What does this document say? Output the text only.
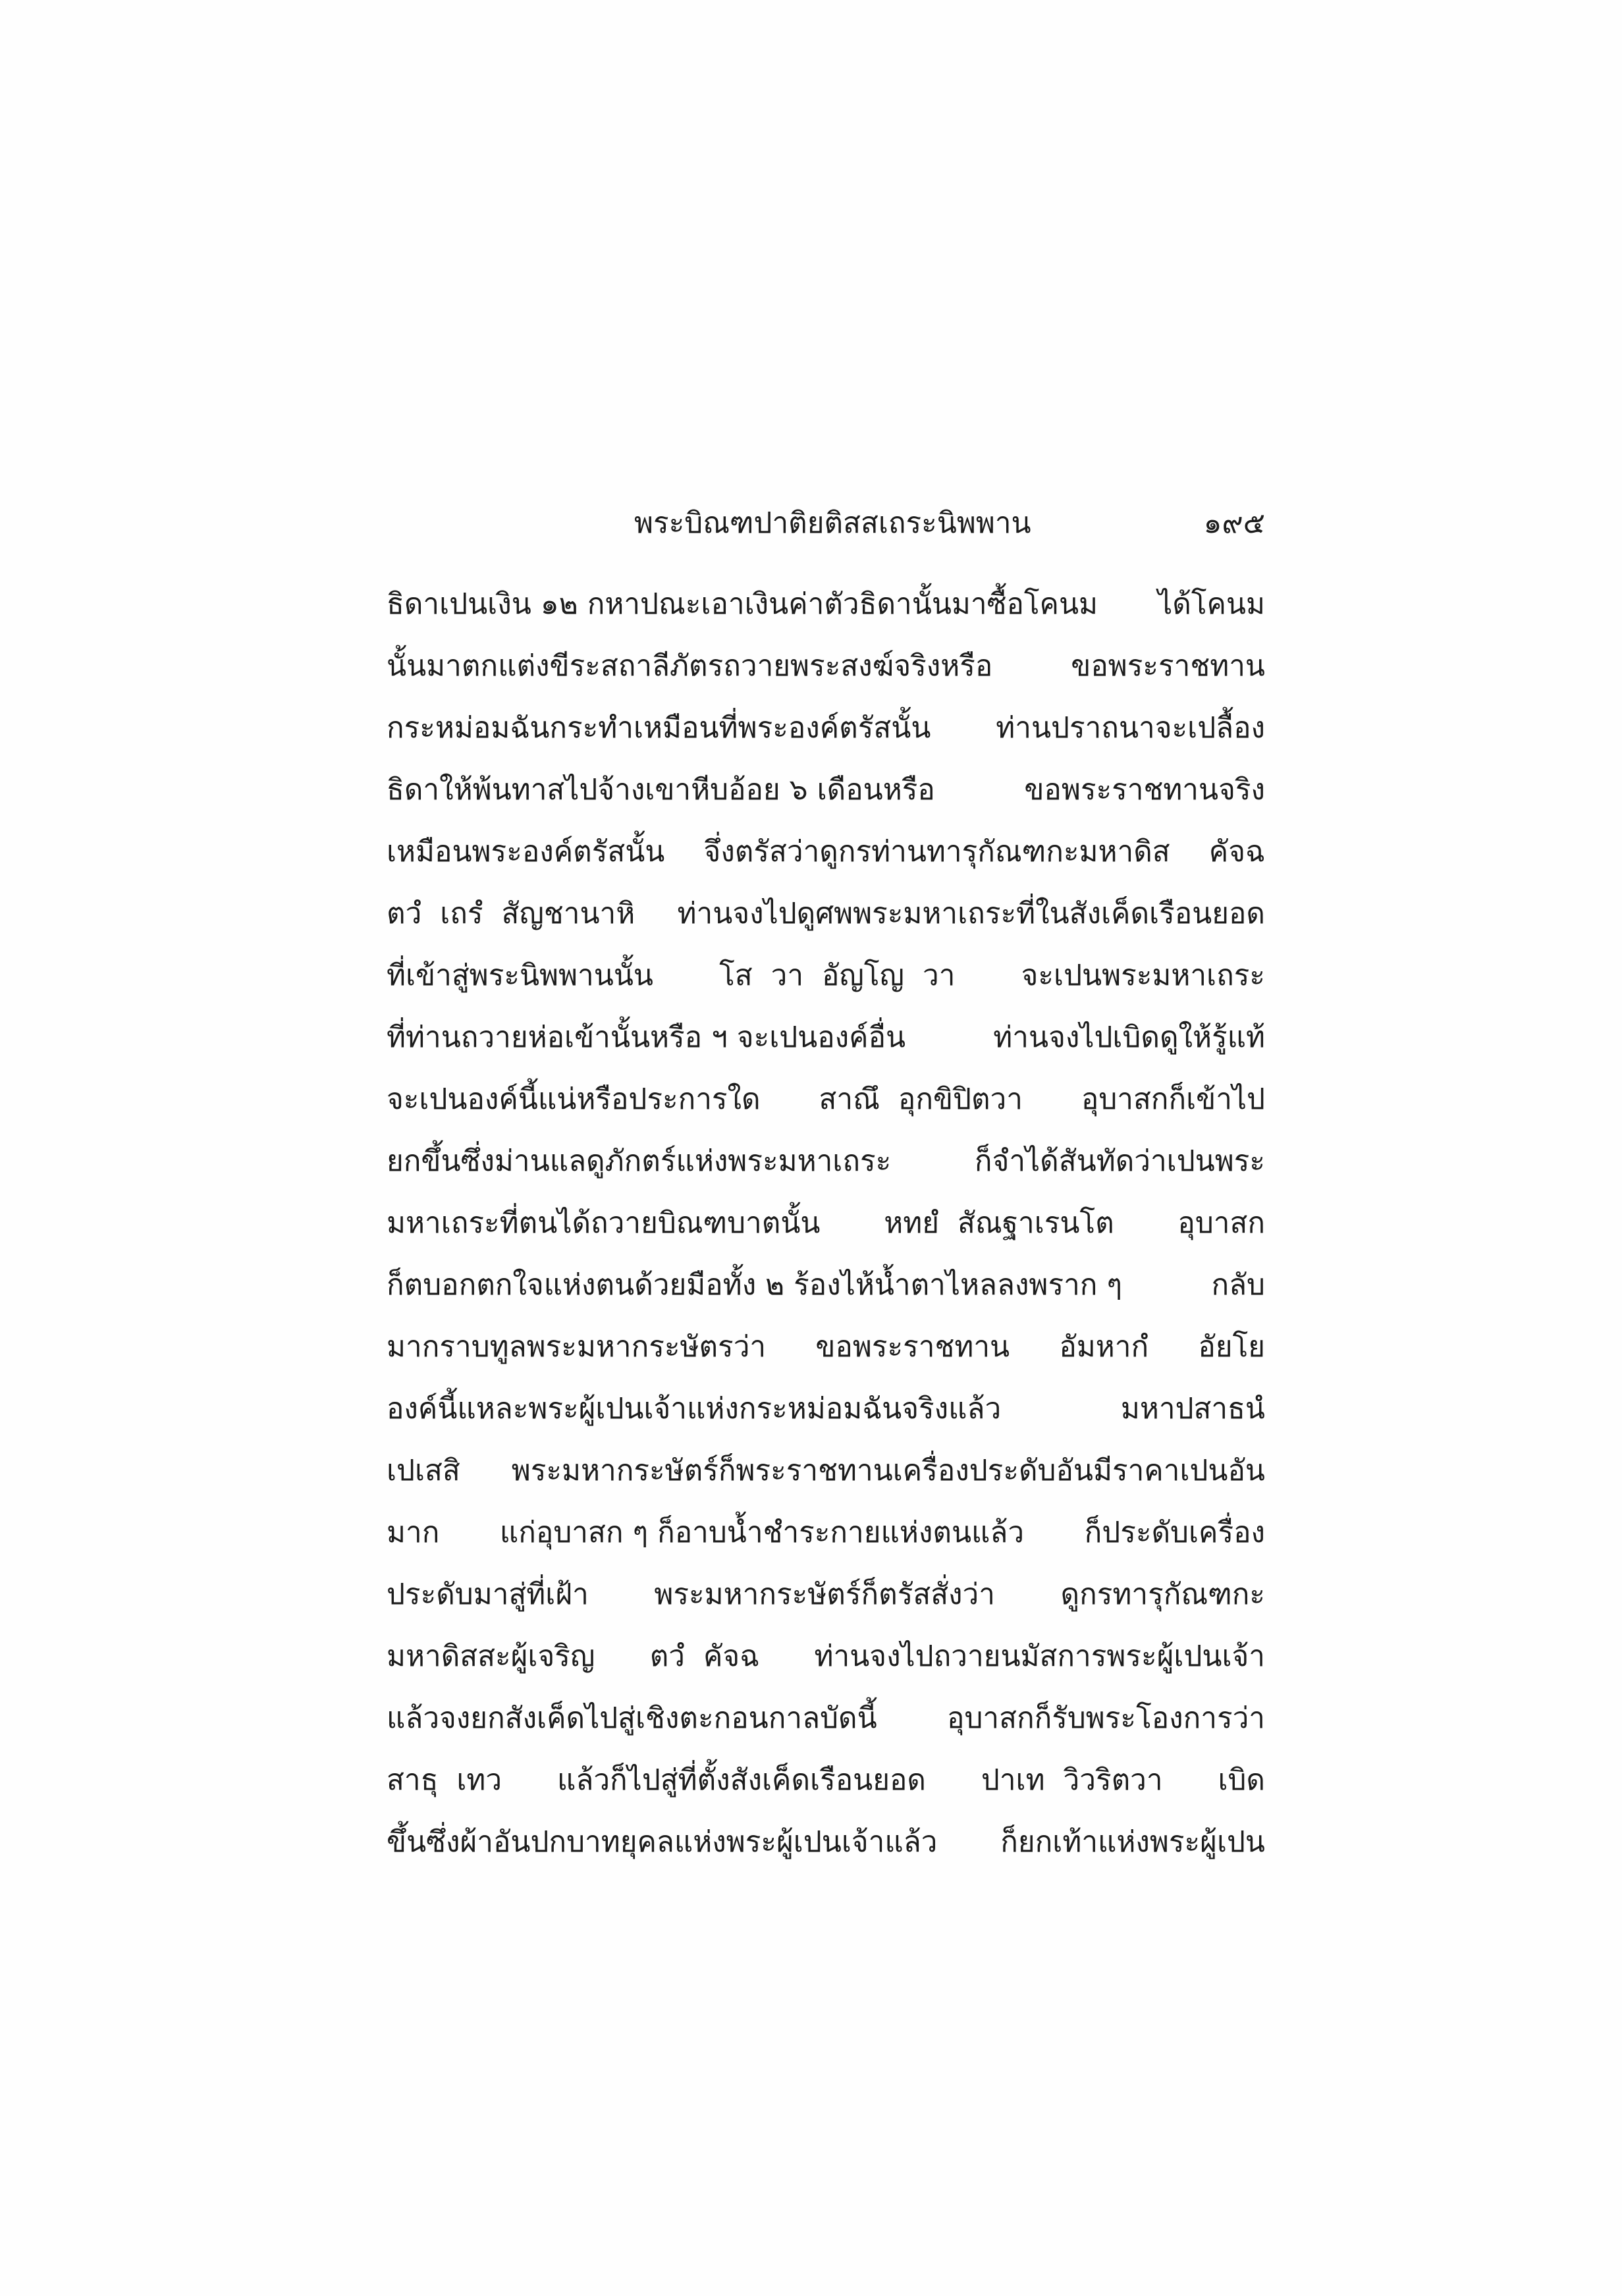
พระบิณฑปาติยติสสเถระนิพพาน	๑๙๕
ธิดาเปนเงิน ๑๒ กหาปณะเอาเงินค่าตัวธิดานั้นมาซื้อโคนม ได้โคนม
นั้นมาตกแต่งขีระสถาลีภัตรถวายพระสงฆ์จริงหรือ	ขอพระราชทาน
กระหม่อมฉันกระทำเหมือนที่พระองค์ตรัสนั้น ท่านปราถนาจะเปลื้อง
ธิดาให้พ้นทาสไปจ้างเขาหีบอ้อย ๖ เดือนหรือ	ขอพระราชทานจริง
เหมือนพระองค์ตรัสนั้น จึ่งตรัสว่าดูกรท่านทารุกัณฑกะมหาดิส คัจฉ
ตวํ  เถรํ  สัญชานาหิ ท่านจงไปดูศพพระมหาเถระที่ในสังเค็ดเรือนยอด
ที่เข้าสู่พระนิพพานนั้น โส  วา  อัญโญ  วา จะเปนพระมหาเถระ
ที่ท่านถวายห่อเข้านั้นหรือ ฯ จะเปนองค์อื่น	ท่านจงไปเบิดดูให้รู้แท้
จะเปนองค์นี้แน่หรือประการใด สาณึ  อุกขิปิตวา อุบาสกก็เข้าไป
ยกขึ้นซึ่งม่านแลดูภักตร์แห่งพระมหาเถระ	ก็จำได้สันทัดว่าเปนพระ
มหาเถระที่ตนได้ถวายบิณฑบาตนั้น หทยํ  สัณฐาเรนโต อุบาสก
ก็ตบอกตกใจแห่งตนด้วยมือทั้ง ๒ ร้องไห้น้ำตาไหลลงพราก ๆ	กลับ
มากราบทูลพระมหากระษัตรว่า ขอพระราชทาน อัมหากํ อัยโย
องค์นี้แหละพระผู้เปนเจ้าแห่งกระหม่อมฉันจริงแล้ว	มหาปสาธนํ
เปเสสิ พระมหากระษัตร์ก็พระราชทานเครื่องประดับอันมีราคาเปนอัน
มาก แก่อุบาสก ๆ ก็อาบน้ำชำระกายแห่งตนแล้ว ก็ประดับเครื่อง
ประดับมาสู่ที่เฝ้า พระมหากระษัตร์ก็ตรัสสั่งว่า ดูกรทารุกัณฑกะ
มหาดิสสะผู้เจริญ ตวํ  คัจฉ ท่านจงไปถวายนมัสการพระผู้เปนเจ้า
แล้วจงยกสังเค็ดไปสู่เชิงตะกอนกาลบัดนี้ อุบาสกก็รับพระโองการว่า
สาธุ  เทว แล้วก็ไปสู่ที่ตั้งสังเค็ดเรือนยอด ปาเท  วิวริตวา เบิด
ขึ้นซึ่งผ้าอันปกบาทยุคลแห่งพระผู้เปนเจ้าแล้ว ก็ยกเท้าแห่งพระผู้เปน
